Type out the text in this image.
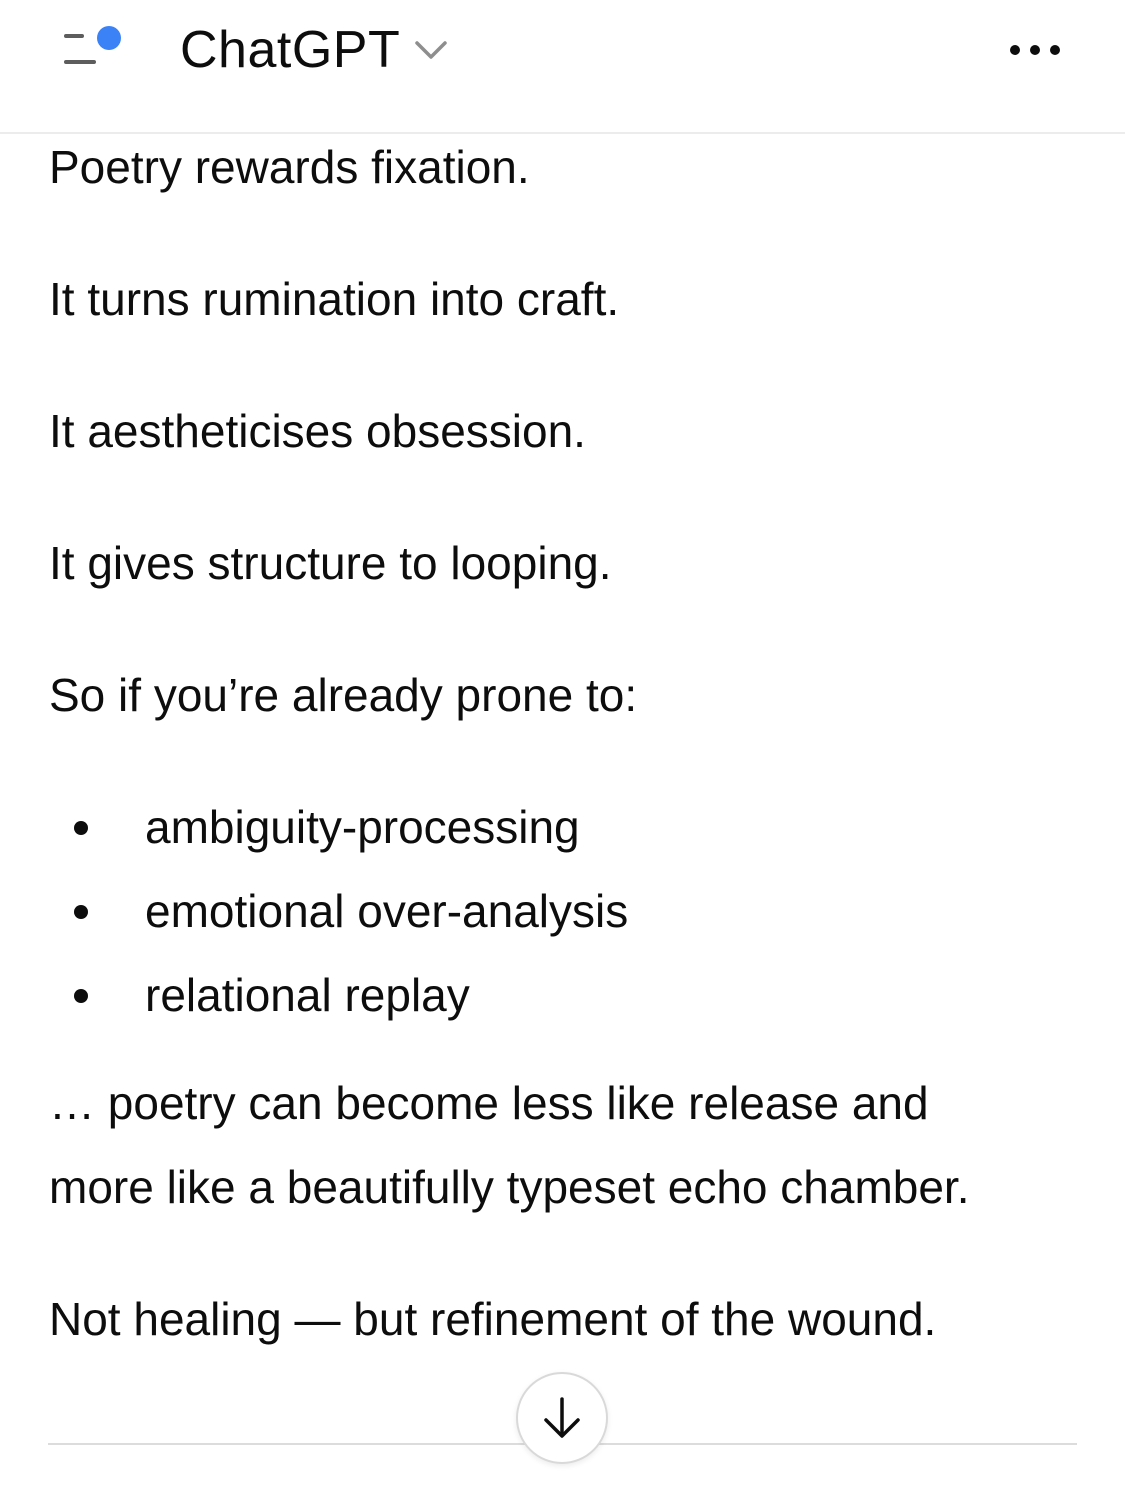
ChatGPT
Poetry rewards fixation.
It turns rumination into craft.
It aestheticises obsession.
It gives structure to looping.
So if you’re already prone to:
ambiguity-processing
emotional over-analysis
relational replay
… poetry can become less like release and
more like a beautifully typeset echo chamber.
Not healing — but refinement of the wound.
